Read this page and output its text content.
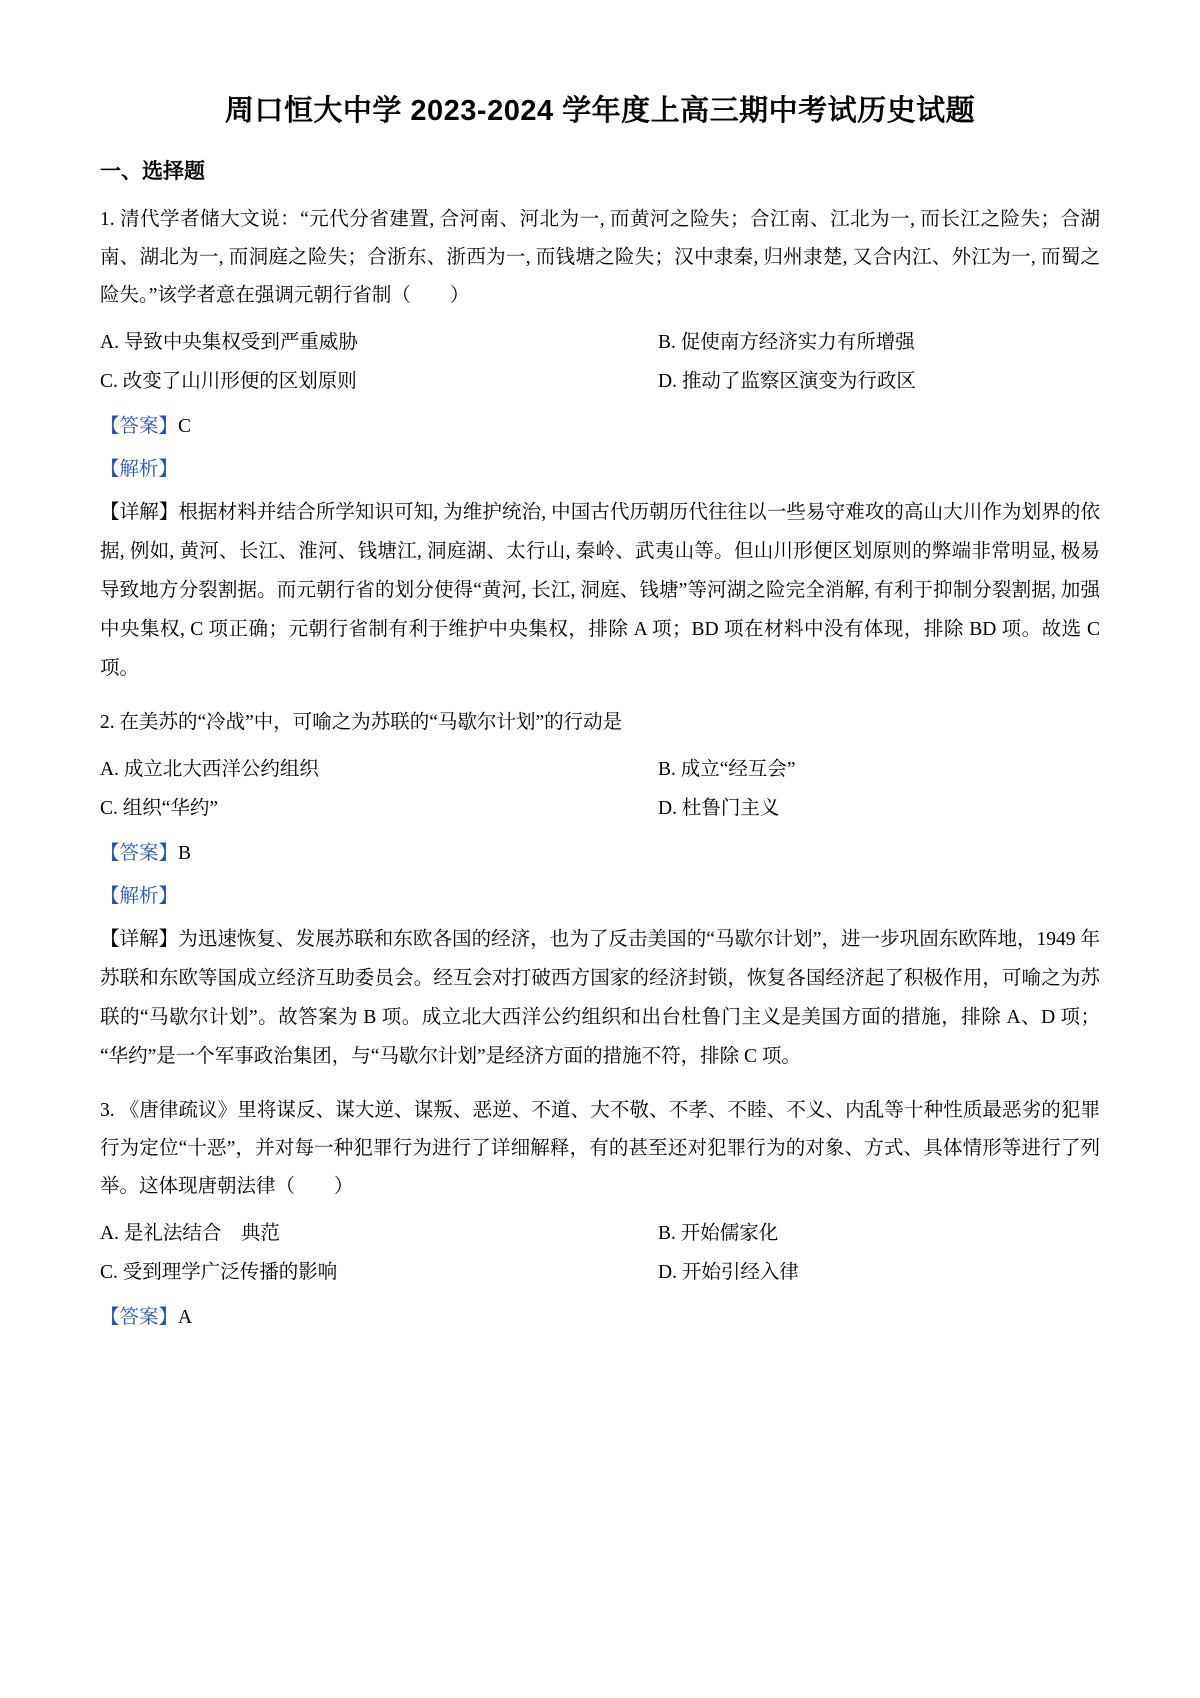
周口恒大中学 2023-2024 学年度上高三期中考试历史试题
一、选择题

1. 清代学者储大文说：“元代分省建置, 合河南、河北为一, 而黄河之险失；合江南、江北为一, 而长江之险失；合湖南、湖北为一, 而洞庭之险失；合浙东、浙西为一, 而钱塘之险失；汉中隶秦, 归州隶楚, 又合内江、外江为一, 而蜀之险失。”该学者意在强调元朝行省制（　　）

A. 导致中央集权受到严重威胁	B. 促使南方经济实力有所增强
C. 改变了山川形便的区划原则	D. 推动了监察区演变为行政区
【答案】C
【解析】
【详解】根据材料并结合所学知识可知, 为维护统治, 中国古代历朝历代往往以一些易守难攻的高山大川作为划界的依据, 例如, 黄河、长江、淮河、钱塘江, 洞庭湖、太行山, 秦岭、武夷山等。但山川形便区划原则的弊端非常明显, 极易导致地方分裂割据。而元朝行省的划分使得“黄河, 长江, 洞庭、钱塘”等河湖之险完全消解, 有利于抑制分裂割据, 加强中央集权, C 项正确；元朝行省制有利于维护中央集权，排除 A 项；BD 项在材料中没有体现，排除 BD 项。故选 C 项。

2. 在美苏的“冷战”中，可喻之为苏联的“马歇尔计划”的行动是

A. 成立北大西洋公约组织	B. 成立“经互会”
C. 组织“华约”	D. 杜鲁门主义
【答案】B
【解析】
【详解】为迅速恢复、发展苏联和东欧各国的经济，也为了反击美国的“马歇尔计划”，进一步巩固东欧阵地，1949 年苏联和东欧等国成立经济互助委员会。经互会对打破西方国家的经济封锁，恢复各国经济起了积极作用，可喻之为苏联的“马歇尔计划”。故答案为 B 项。成立北大西洋公约组织和出台杜鲁门主义是美国方面的措施，排除 A、D 项；“华约”是一个军事政治集团，与“马歇尔计划”是经济方面的措施不符，排除 C 项。

3. 《唐律疏议》里将谋反、谋大逆、谋叛、恶逆、不道、大不敬、不孝、不睦、不义、内乱等十种性质最恶劣的犯罪行为定位“十恶”，并对每一种犯罪行为进行了详细解释，有的甚至还对犯罪行为的对象、方式、具体情形等进行了列举。这体现唐朝法律（　　）

A. 是礼法结合　典范	B. 开始儒家化
C. 受到理学广泛传播的影响	D. 开始引经入律
【答案】A
